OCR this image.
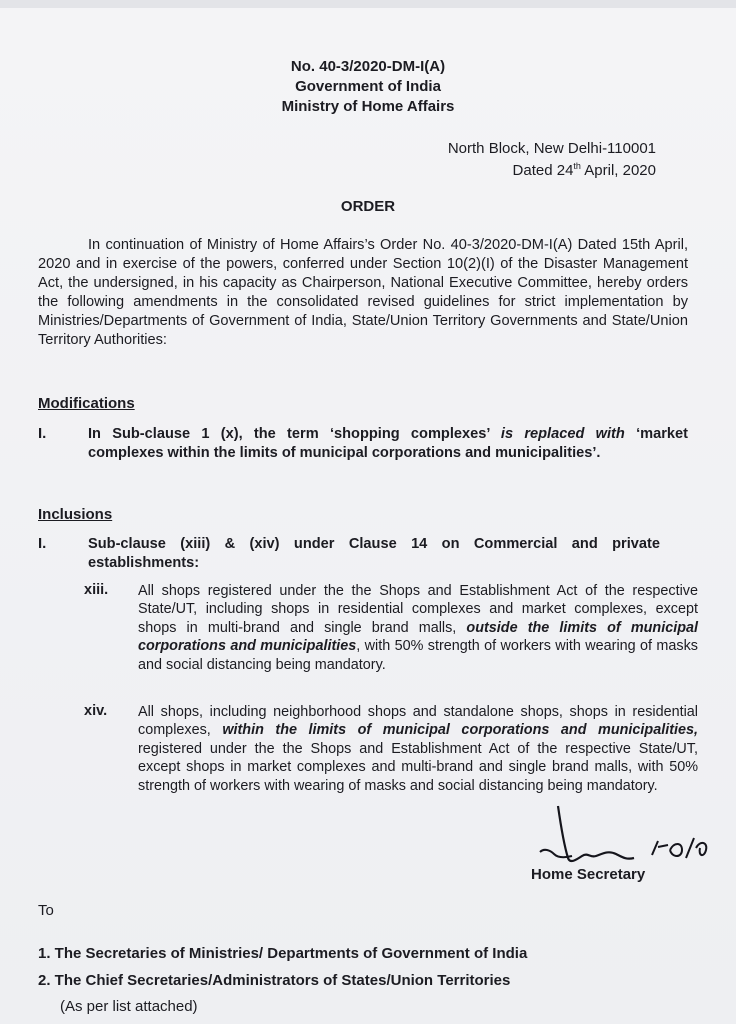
No. 40-3/2020-DM-I(A)
Government of India
Ministry of Home Affairs
North Block, New Delhi-110001
Dated 24th April, 2020
ORDER
In continuation of Ministry of Home Affairs’s Order No. 40-3/2020-DM-I(A) Dated 15th April, 2020 and in exercise of the powers, conferred under Section 10(2)(I) of the Disaster Management Act, the undersigned, in his capacity as Chairperson, National Executive Committee, hereby orders the following amendments in the consolidated revised guidelines for strict implementation by Ministries/Departments of Government of India, State/Union Territory Governments and State/Union Territory Authorities:
Modifications
I.	In Sub-clause 1 (x), the term ‘shopping complexes’ is replaced with ‘market complexes within the limits of municipal corporations and municipalities’.
Inclusions
I.	Sub-clause (xiii) & (xiv) under Clause 14 on Commercial and private establishments:
xiii. All shops registered under the the Shops and Establishment Act of the respective State/UT, including shops in residential complexes and market complexes, except shops in multi-brand and single brand malls, outside the limits of municipal corporations and municipalities, with 50% strength of workers with wearing of masks and social distancing being mandatory.
xiv. All shops, including neighborhood shops and standalone shops, shops in residential complexes, within the limits of municipal corporations and municipalities, registered under the the Shops and Establishment Act of the respective State/UT, except shops in market complexes and multi-brand and single brand malls, with 50% strength of workers with wearing of masks and social distancing being mandatory.
Home Secretary
To
1. The Secretaries of Ministries/ Departments of Government of India
2. The Chief Secretaries/Administrators of States/Union Territories
(As per list attached)
